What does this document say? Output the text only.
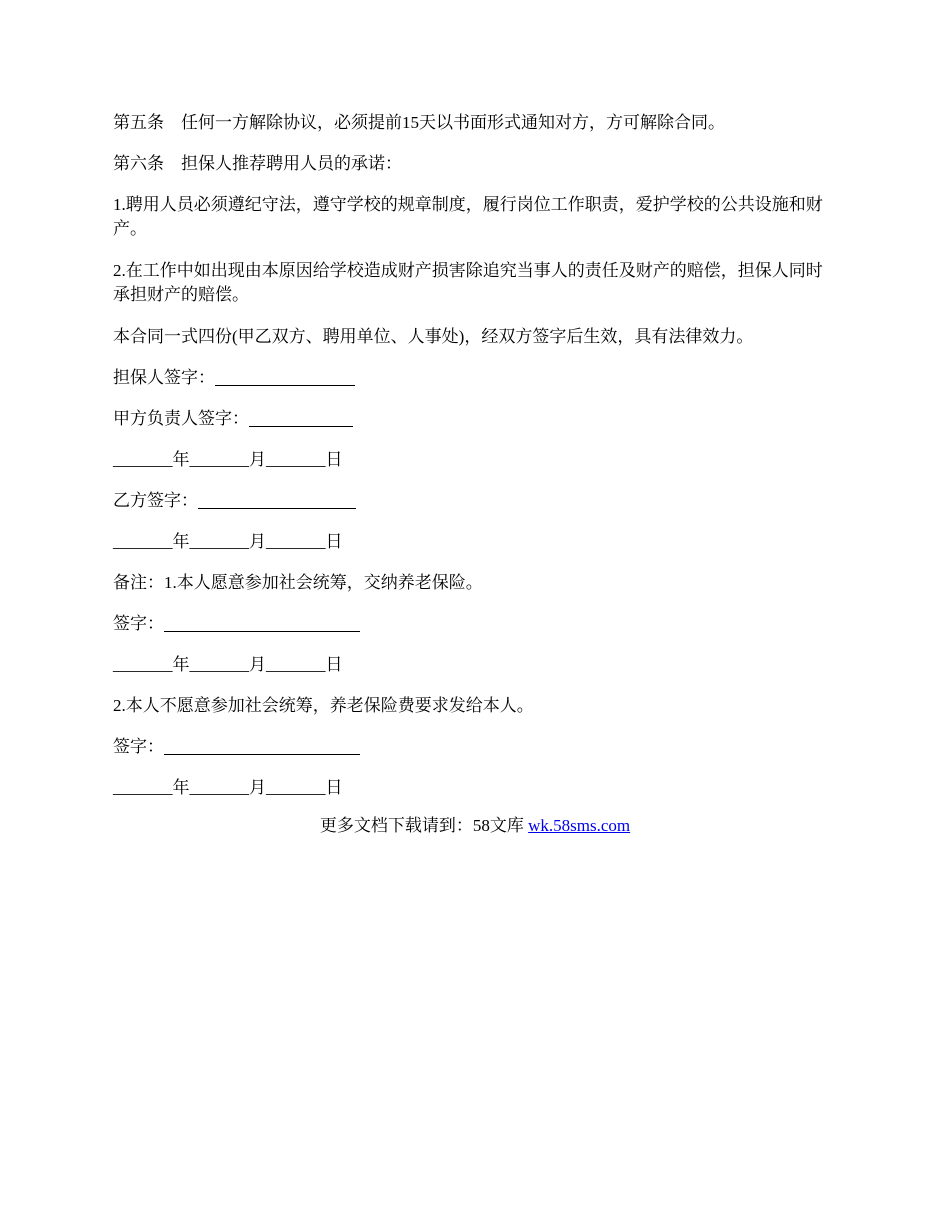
第五条　任何一方解除协议，必须提前15天以书面形式通知对方，方可解除合同。

第六条　担保人推荐聘用人员的承诺：

1.聘用人员必须遵纪守法，遵守学校的规章制度，履行岗位工作职责，爱护学校的公共设施和财产。

2.在工作中如出现由本原因给学校造成财产损害除追究当事人的责任及财产的赔偿，担保人同时承担财产的赔偿。

本合同一式四份(甲乙双方、聘用单位、人事处)，经双方签字后生效，具有法律效力。

担保人签字：

甲方负责人签字：

_______年_______月_______日

乙方签字：

_______年_______月_______日

备注：1.本人愿意参加社会统筹，交纳养老保险。

签字：

_______年_______月_______日

2.本人不愿意参加社会统筹，养老保险费要求发给本人。

签字：

_______年_______月_______日

更多文档下载请到：58文库 wk.58sms.com
